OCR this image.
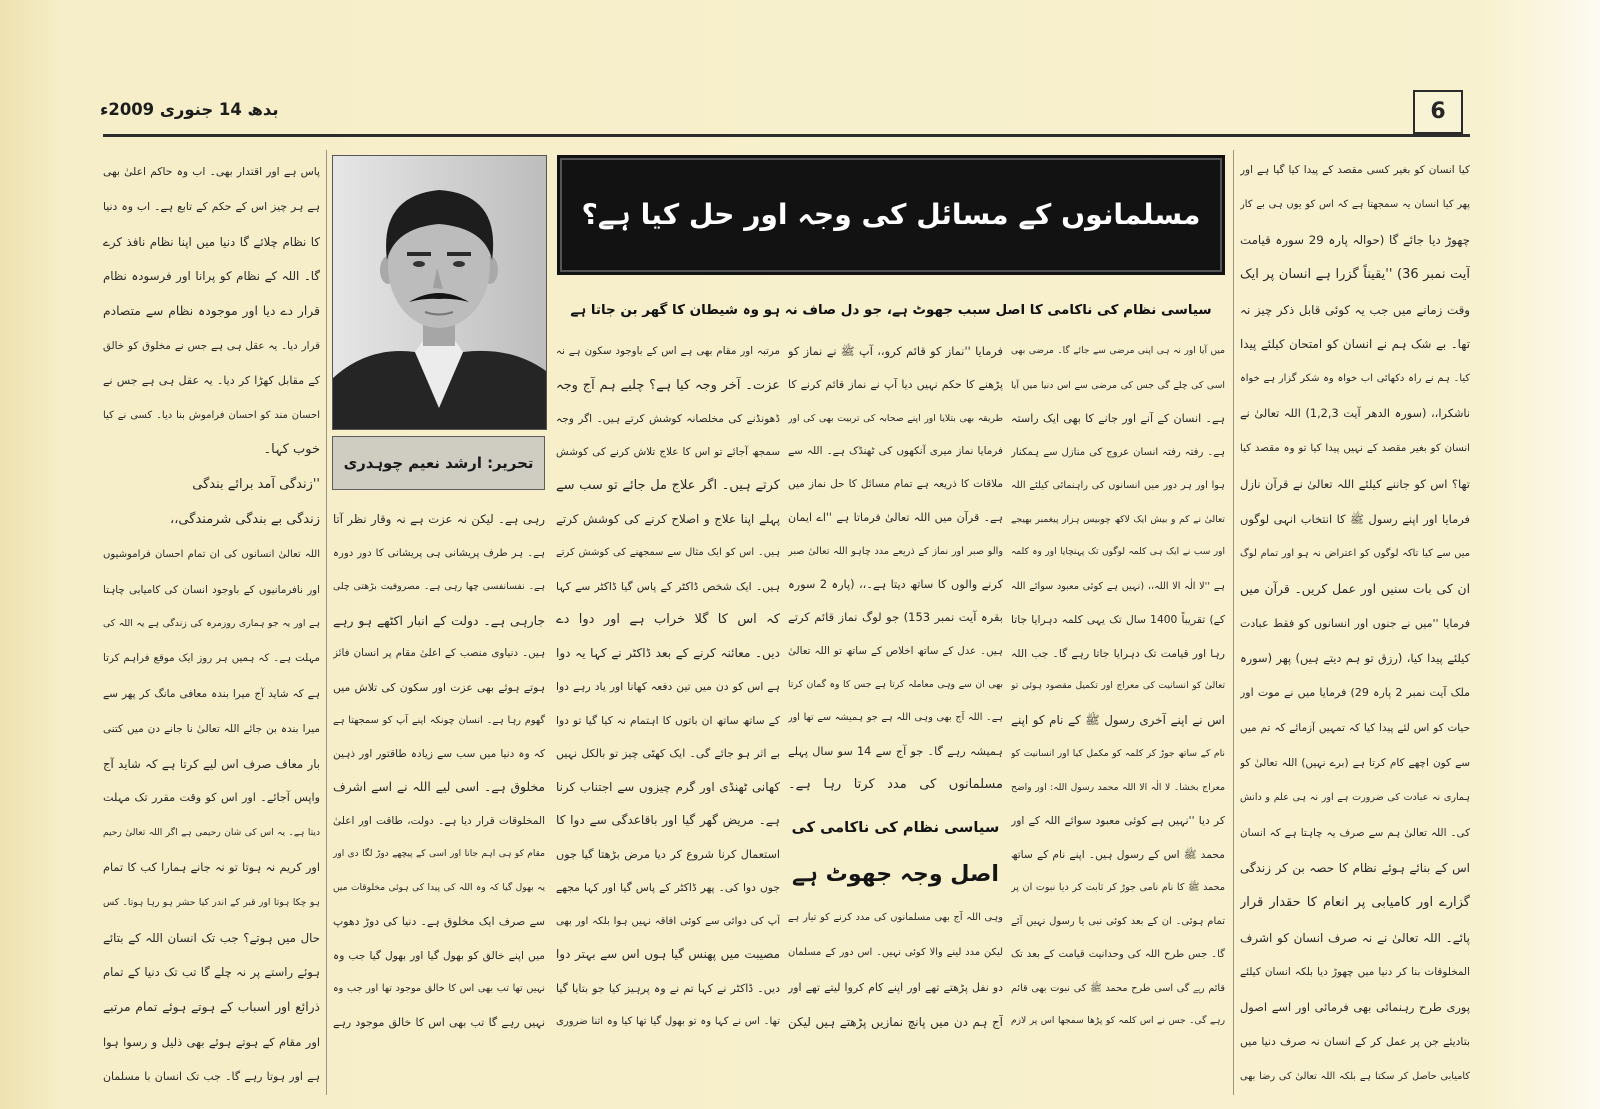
بدھ 14 جنوری 2009ء	6
مسلمانوں کے مسائل کی وجہ اور حل کیا ہے؟
سیاسی نظام کی ناکامی کا اصل سبب جھوٹ ہے، جو دل صاف نہ ہو وہ شیطان کا گھر بن جاتا ہے
تحریر: ارشد نعیم چوہدری
کیا انسان کو بغیر کسی مقصد کے پیدا کیا گیا ہے اور
پھر کیا انسان یہ سمجھتا ہے کہ اس کو یوں ہی بے کار
چھوڑ دیا جائے گا (حوالہ پارہ 29 سورہ قیامت
آیت نمبر 36) ''یقیناً گزرا ہے انسان پر ایک
وقت زمانے میں جب یہ کوئی قابل ذکر چیز نہ
تھا۔ بے شک ہم نے انسان کو امتحان کیلئے پیدا
کیا۔ ہم نے راہ دکھائی اب خواہ وہ شکر گزار ہے خواہ
ناشکرا،، (سورہ الدھر آیت 1,2,3) اللہ تعالیٰ نے
انسان کو بغیر مقصد کے نہیں پیدا کیا تو وہ مقصد کیا
تھا؟ اس کو جاننے کیلئے اللہ تعالیٰ نے قرآن نازل
فرمایا اور اپنے رسول ﷺ کا انتخاب انہی لوگوں
میں سے کیا تاکہ لوگوں کو اعتراض نہ ہو اور تمام لوگ
ان کی بات سنیں اور عمل کریں۔ قرآن میں
فرمایا ''میں نے جنوں اور انسانوں کو فقط عبادت
کیلئے پیدا کیا، (رزق تو ہم دیتے ہیں) پھر (سورہ
ملک آیت نمبر 2 پارہ 29) فرمایا میں نے موت اور
حیات کو اس لئے پیدا کیا کہ تمہیں آزمائے کہ تم میں
سے کون اچھے کام کرتا ہے (برے نہیں) اللہ تعالیٰ کو
ہماری نہ عبادت کی ضرورت ہے اور نہ ہی علم و دانش
کی۔ اللہ تعالیٰ ہم سے صرف یہ چاہتا ہے کہ انسان
اس کے بنائے ہوئے نظام کا حصہ بن کر زندگی
گزارے اور کامیابی پر انعام کا حقدار قرار
پائے۔ اللہ تعالیٰ نے نہ صرف انسان کو اشرف
المخلوقات بنا کر دنیا میں چھوڑ دیا بلکہ انسان کیلئے
پوری طرح رہنمائی بھی فرمائی اور اسے اصول
بتادیئے جن پر عمل کر کے انسان نہ صرف دنیا میں
کامیابی حاصل کر سکتا ہے بلکہ اللہ تعالیٰ کی رضا بھی
میں آیا اور نہ ہی اپنی مرضی سے جائے گا۔ مرضی بھی
اسی کی چلے گی جس کی مرضی سے اس دنیا میں آیا
ہے۔ انسان کے آنے اور جانے کا بھی ایک راستہ
ہے۔ رفتہ رفتہ انسان عروج کی منازل سے ہمکنار
ہوا اور ہر دور میں انسانوں کی راہنمائی کیلئے اللہ
تعالیٰ نے کم و بیش ایک لاکھ چوبیس ہزار پیغمبر بھیجے
اور سب نے ایک ہی کلمہ لوگوں تک پہنچایا اور وہ کلمہ
ہے ''لا الٰہ الا اللہ،، (نہیں ہے کوئی معبود سوائے اللہ
کے) تقریباً 1400 سال تک یہی کلمہ دہرایا جاتا
رہا اور قیامت تک دہرایا جاتا رہے گا۔ جب اللہ
تعالیٰ کو انسانیت کی معراج اور تکمیل مقصود ہوئی تو
اس نے اپنے آخری رسول ﷺ کے نام کو اپنے
نام کے ساتھ جوڑ کر کلمہ کو مکمل کیا اور انسانیت کو
معراج بخشا۔ لا الٰہ الا اللہ محمد رسول اللہ: اور واضح
کر دیا ''نہیں ہے کوئی معبود سوائے اللہ کے اور
محمد ﷺ اس کے رسول ہیں۔ اپنے نام کے ساتھ
محمد ﷺ کا نام نامی جوڑ کر ثابت کر دیا نبوت ان پر
تمام ہوئی۔ ان کے بعد کوئی نبی یا رسول نہیں آئے
گا۔ جس طرح اللہ کی وحدانیت قیامت کے بعد تک
قائم رہے گی اسی طرح محمد ﷺ کی نبوت بھی قائم
رہے گی۔ جس نے اس کلمہ کو پڑھا سمجھا اس پر لازم
فرمایا ''نماز کو قائم کرو،، آپ ﷺ نے نماز کو
پڑھنے کا حکم نہیں دیا آپ نے نماز قائم کرنے کا
طریقہ بھی بتلایا اور اپنے صحابہ کی تربیت بھی کی اور
فرمایا نماز میری آنکھوں کی ٹھنڈک ہے۔ اللہ سے
ملاقات کا ذریعہ ہے تمام مسائل کا حل نماز میں
ہے۔ قرآن میں اللہ تعالیٰ فرماتا ہے ''اے ایمان
والو صبر اور نماز کے ذریعے مدد چاہو اللہ تعالیٰ صبر
کرنے والوں کا ساتھ دیتا ہے۔،، (پارہ 2 سورہ
بقرہ آیت نمبر 153) جو لوگ نماز قائم کرتے
ہیں۔ عدل کے ساتھ اخلاص کے ساتھ تو اللہ تعالیٰ
بھی ان سے وہی معاملہ کرتا ہے جس کا وہ گمان کرتا
ہے۔ اللہ آج بھی وہی اللہ ہے جو ہمیشہ سے تھا اور
ہمیشہ رہے گا۔ جو آج سے 14 سو سال پہلے
مسلمانوں کی مدد کرتا رہا ہے۔
سیاسی نظام کی ناکامی کی
اصل وجہ جھوٹ ہے
وہی اللہ آج بھی مسلمانوں کی مدد کرنے کو تیار ہے
لیکن مدد لینے والا کوئی نہیں۔ اس دور کے مسلمان
دو نفل پڑھتے تھے اور اپنے کام کروا لیتے تھے اور
آج ہم دن میں پانچ نمازیں پڑھتے ہیں لیکن
مرتبہ اور مقام بھی ہے اس کے باوجود سکون ہے نہ
عزت۔ آخر وجہ کیا ہے؟ چلیے ہم آج وجہ
ڈھونڈنے کی مخلصانہ کوشش کرتے ہیں۔ اگر وجہ
سمجھ آجائے تو اس کا علاج تلاش کرنے کی کوشش
کرتے ہیں۔ اگر علاج مل جائے تو سب سے
پہلے اپنا علاج و اصلاح کرنے کی کوشش کرتے
ہیں۔ اس کو ایک مثال سے سمجھنے کی کوشش کرتے
ہیں۔ ایک شخص ڈاکٹر کے پاس گیا ڈاکٹر سے کہا
کہ اس کا گلا خراب ہے اور دوا دے
دیں۔ معائنہ کرنے کے بعد ڈاکٹر نے کہا یہ دوا
ہے اس کو دن میں تین دفعہ کھانا اور یاد رہے دوا
کے ساتھ ساتھ ان باتوں کا اہتمام نہ کیا گیا تو دوا
بے اثر ہو جائے گی۔ ایک کھٹی چیز تو بالکل نہیں
کھانی ٹھنڈی اور گرم چیزوں سے اجتناب کرنا
ہے۔ مریض گھر گیا اور باقاعدگی سے دوا کا
استعمال کرنا شروع کر دیا مرض بڑھتا گیا جوں
جوں دوا کی۔ پھر ڈاکٹر کے پاس گیا اور کہا مجھے
آپ کی دوائی سے کوئی افاقہ نہیں ہوا بلکہ اور بھی
مصیبت میں پھنس گیا ہوں اس سے بہتر دوا
دیں۔ ڈاکٹر نے کہا تم نے وہ پرہیز کیا جو بتایا گیا
تھا۔ اس نے کہا وہ تو بھول گیا تھا کیا وہ اتنا ضروری
رہی ہے۔ لیکن نہ عزت ہے نہ وقار نظر آتا
ہے۔ ہر طرف پریشانی ہی پریشانی کا دور دورہ
ہے۔ نفسانفسی چھا رہی ہے۔ مصروفیت بڑھتی چلی
جارہی ہے۔ دولت کے انبار اکٹھے ہو رہے
ہیں۔ دنیاوی منصب کے اعلیٰ مقام پر انسان فائز
ہوتے ہوئے بھی عزت اور سکون کی تلاش میں
گھوم رہا ہے۔ انسان چونکہ اپنے آپ کو سمجھتا ہے
کہ وہ دنیا میں سب سے زیادہ طاقتور اور ذہین
مخلوق ہے۔ اسی لیے اللہ نے اسے اشرف
المخلوقات قرار دیا ہے۔ دولت، طاقت اور اعلیٰ
مقام کو ہی اہم جانا اور اسی کے پیچھے دوڑ لگا دی اور
یہ بھول گیا کہ وہ اللہ کی پیدا کی ہوئی مخلوقات میں
سے صرف ایک مخلوق ہے۔ دنیا کی دوڑ دھوپ
میں اپنے خالق کو بھول گیا اور بھول گیا جب وہ
نہیں تھا تب بھی اس کا خالق موجود تھا اور جب وہ
نہیں رہے گا تب بھی اس کا خالق موجود رہے
پاس ہے اور اقتدار بھی۔ اب وہ حاکم اعلیٰ بھی
ہے ہر چیز اس کے حکم کے تابع ہے۔ اب وہ دنیا
کا نظام چلائے گا دنیا میں اپنا نظام نافذ کرے
گا۔ اللہ کے نظام کو پرانا اور فرسودہ نظام
قرار دے دیا اور موجودہ نظام سے متصادم
قرار دیا۔ یہ عقل ہی ہے جس نے مخلوق کو خالق
کے مقابل کھڑا کر دیا۔ یہ عقل ہی ہے جس نے
احسان مند کو احسان فراموش بنا دیا۔ کسی نے کیا
خوب کہا۔
''زندگی آمد برائے بندگی
زندگی بے بندگی شرمندگی،،
اللہ تعالیٰ انسانوں کی ان تمام احسان فراموشیوں
اور نافرمانیوں کے باوجود انسان کی کامیابی چاہتا
ہے اور یہ جو ہماری روزمرہ کی زندگی ہے یہ اللہ کی
مہلت ہے۔ کہ ہمیں ہر روز ایک موقع فراہم کرتا
ہے کہ شاید آج میرا بندہ معافی مانگ کر پھر سے
میرا بندہ بن جائے اللہ تعالیٰ نا جانے دن میں کتنی
بار معاف صرف اس لیے کرتا ہے کہ شاید آج
واپس آجائے۔ اور اس کو وقت مقرر تک مہلت
دیتا ہے۔ یہ اس کی شان رحیمی ہے اگر اللہ تعالیٰ رحیم
اور کریم نہ ہوتا تو نہ جانے ہمارا کب کا تمام
ہو چکا ہوتا اور قبر کے اندر کیا حشر ہو رہا ہوتا۔ کس
حال میں ہوتے؟ جب تک انسان اللہ کے بتائے
ہوئے راستے پر نہ چلے گا تب تک دنیا کے تمام
ذرائع اور اسباب کے ہوتے ہوئے تمام مرتبے
اور مقام کے ہوتے ہوئے بھی ذلیل و رسوا ہوا
ہے اور ہوتا رہے گا۔ جب تک انسان با مسلمان
